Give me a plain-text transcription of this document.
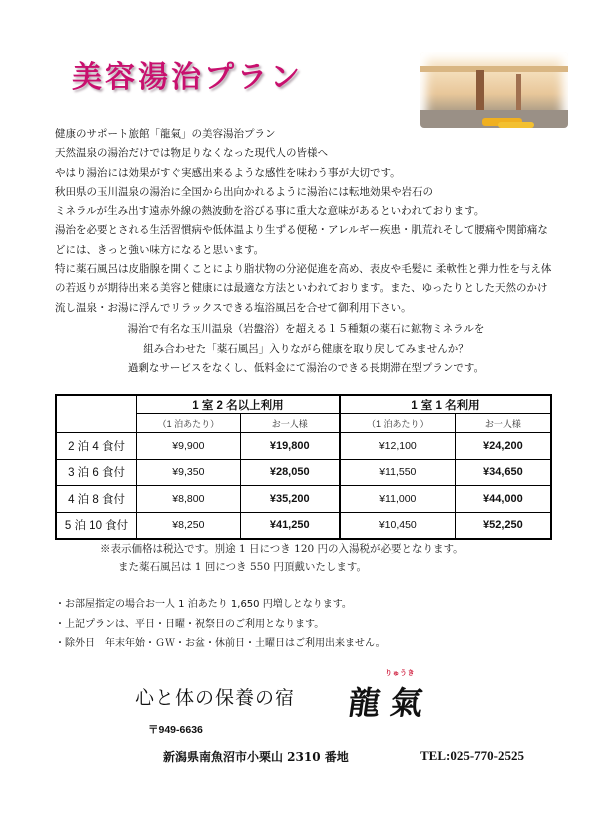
美容湯治プラン

健康のサポート旅館「龍氣」の美容湯治プラン

天然温泉の湯治だけでは物足りなくなった現代人の皆様へ

やはり湯治には効果がすぐ実感出来るような感性を味わう事が大切です。

秋田県の玉川温泉の湯治に全国から出向かれるように湯治には転地効果や岩石の

ミネラルが生み出す遠赤外線の熱波動を浴びる事に重大な意味があるといわれております。

湯治を必要とされる生活習慣病や低体温より生ずる便秘・アレルギー疾患・肌荒れそして腰痛や関節痛な

どには、きっと強い味方になると思います。

特に薬石風呂は皮脂腺を開くことにより脂状物の分泌促進を高め、表皮や毛髪に 柔軟性と弾力性を与え体

の若返りが期待出来る美容と健康には最適な方法といわれております。また、ゆったりとした天然のかけ

流し温泉・お湯に浮んでリラックスできる塩浴風呂を合せて御利用下さい。

湯治で有名な玉川温泉（岩盤浴）を超える１５種類の薬石に鉱物ミネラルを

組み合わせた「薬石風呂」入りながら健康を取り戻してみませんか？

過剰なサービスをなくし、低料金にて湯治のできる長期滞在型プランです。

	1 室 2 名以上利用		1 室 1 名利用	
	（1 泊あたり）	お一人様	（1 泊あたり）	お一人様
2 泊 4 食付	¥9,900	¥19,800	¥12,100	¥24,200
3 泊 6 食付	¥9,350	¥28,050	¥11,550	¥34,650
4 泊 8 食付	¥8,800	¥35,200	¥11,000	¥44,000
5 泊 10 食付	¥8,250	¥41,250	¥10,450	¥52,250

※表示価格は税込です。別途 1 日につき 120 円の入湯税が必要となります。

また薬石風呂は 1 回につき 550 円頂戴いたします。

・お部屋指定の場合お一人 1 泊あたり 1,650 円増しとなります。

・上記プランは、平日・日曜・祝祭日のご利用となります。

・除外日　年末年始・ＧＷ・お盆・休前日・土曜日はご利用出来ません。

心と体の保養の宿
りゅうき
龍氣
〒949-6636
新潟県南魚沼市小栗山 2310 番地	TEL:025-770-2525
